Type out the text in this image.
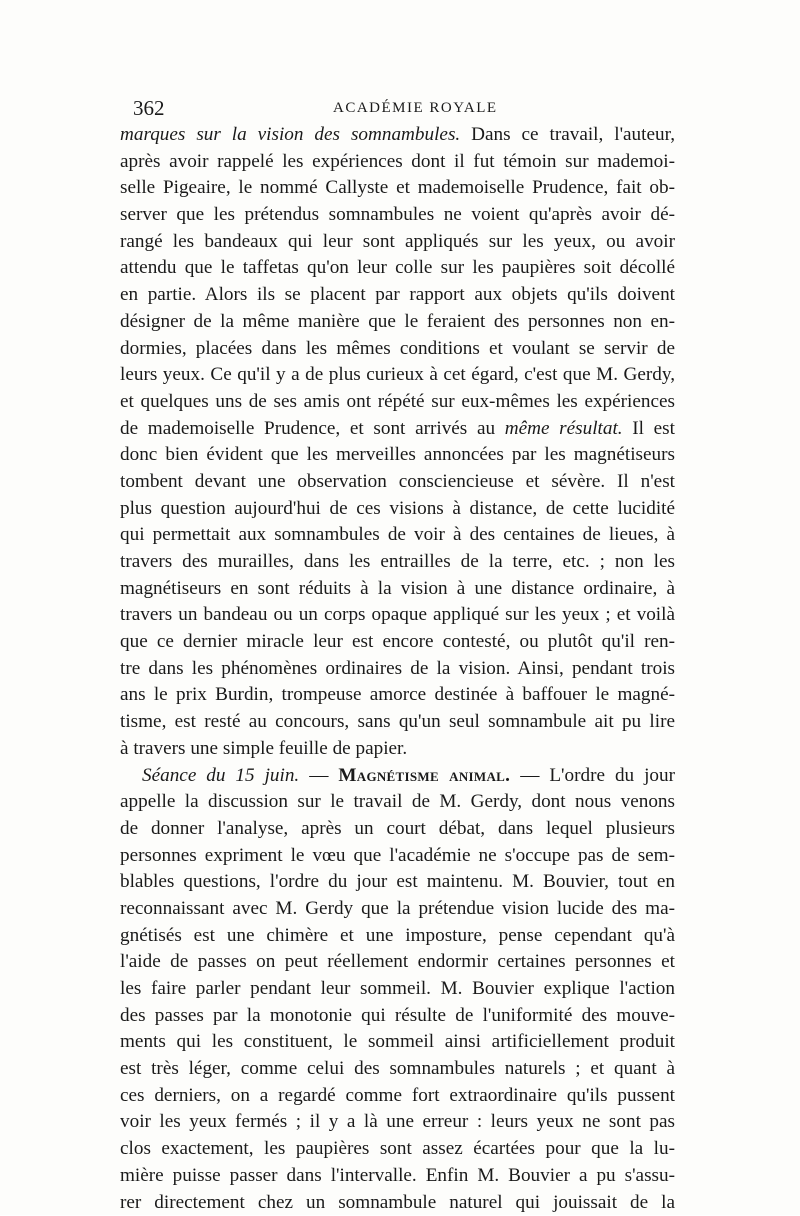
362	ACADÉMIE ROYALE
marques sur la vision des somnambules. Dans ce travail, l'auteur,
après avoir rappelé les expériences dont il fut témoin sur mademoi-
selle Pigeaire, le nommé Callyste et mademoiselle Prudence, fait ob-
server que les prétendus somnambules ne voient qu'après avoir dé-
rangé les bandeaux qui leur sont appliqués sur les yeux, ou avoir
attendu que le taffetas qu'on leur colle sur les paupières soit décollé
en partie. Alors ils se placent par rapport aux objets qu'ils doivent
désigner de la même manière que le feraient des personnes non en-
dormies, placées dans les mêmes conditions et voulant se servir de
leurs yeux. Ce qu'il y a de plus curieux à cet égard, c'est que M. Gerdy,
et quelques uns de ses amis ont répété sur eux-mêmes les expériences
de mademoiselle Prudence, et sont arrivés au même résultat. Il est
donc bien évident que les merveilles annoncées par les magnétiseurs
tombent devant une observation consciencieuse et sévère. Il n'est
plus question aujourd'hui de ces visions à distance, de cette lucidité
qui permettait aux somnambules de voir à des centaines de lieues, à
travers des murailles, dans les entrailles de la terre, etc. ; non les
magnétiseurs en sont réduits à la vision à une distance ordinaire, à
travers un bandeau ou un corps opaque appliqué sur les yeux ; et voilà
que ce dernier miracle leur est encore contesté, ou plutôt qu'il ren-
tre dans les phénomènes ordinaires de la vision. Ainsi, pendant trois
ans le prix Burdin, trompeuse amorce destinée à baffouer le magné-
tisme, est resté au concours, sans qu'un seul somnambule ait pu lire
à travers une simple feuille de papier.
Séance du 15 juin. — Magnétisme animal. — L'ordre du jour
appelle la discussion sur le travail de M. Gerdy, dont nous venons
de donner l'analyse, après un court débat, dans lequel plusieurs
personnes expriment le vœu que l'académie ne s'occupe pas de sem-
blables questions, l'ordre du jour est maintenu. M. Bouvier, tout en
reconnaissant avec M. Gerdy que la prétendue vision lucide des ma-
gnétisés est une chimère et une imposture, pense cependant qu'à
l'aide de passes on peut réellement endormir certaines personnes et
les faire parler pendant leur sommeil. M. Bouvier explique l'action
des passes par la monotonie qui résulte de l'uniformité des mouve-
ments qui les constituent, le sommeil ainsi artificiellement produit
est très léger, comme celui des somnambules naturels ; et quant à
ces derniers, on a regardé comme fort extraordinaire qu'ils pussent
voir les yeux fermés ; il y a là une erreur : leurs yeux ne sont pas
clos exactement, les paupières sont assez écartées pour que la lu-
mière puisse passer dans l'intervalle. Enfin M. Bouvier a pu s'assu-
rer directement chez un somnambule naturel qui jouissait de la
